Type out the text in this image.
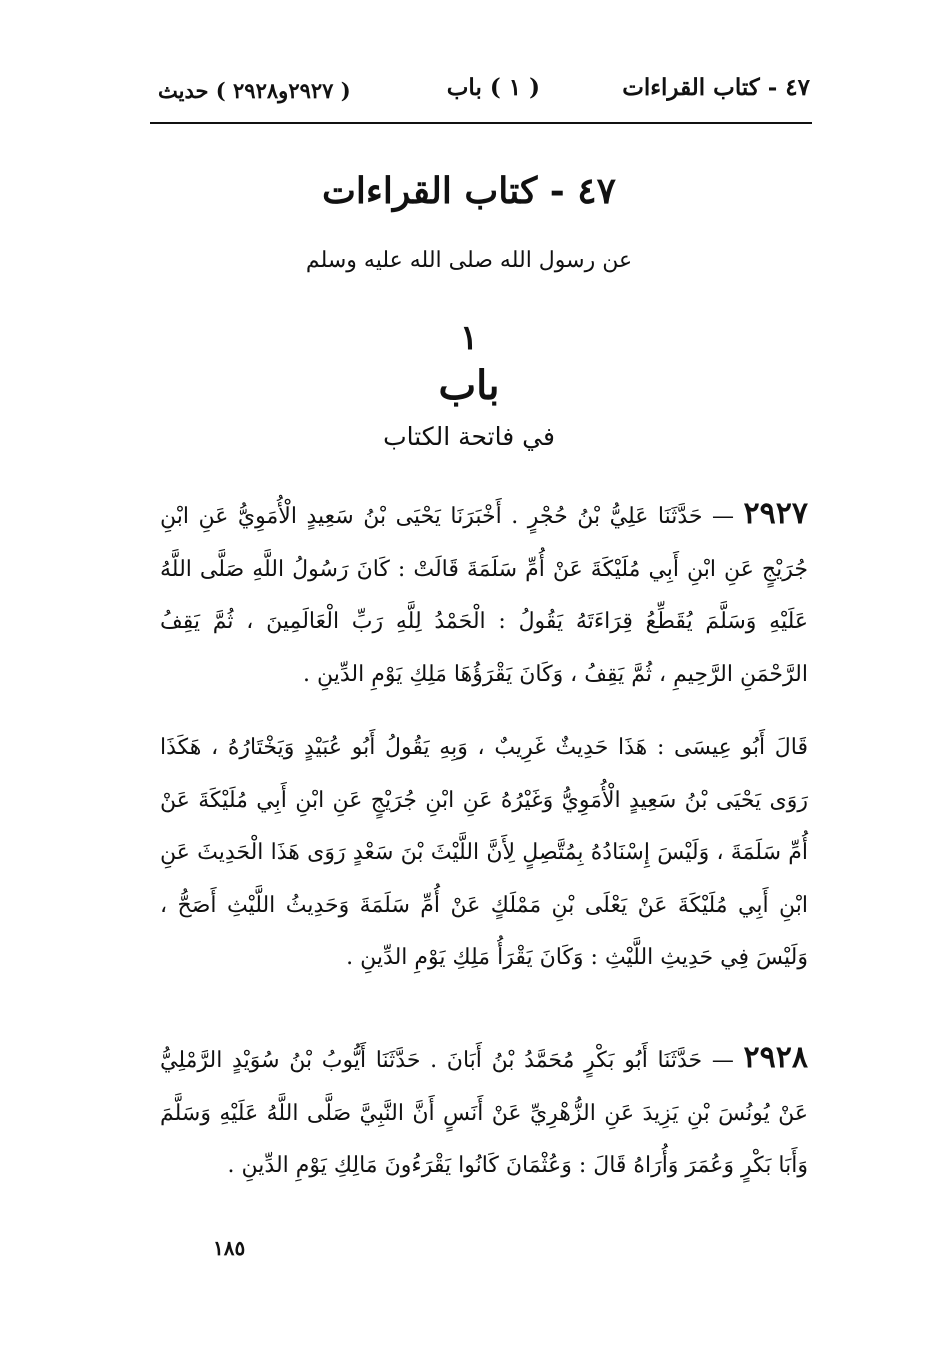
٤٧ - كتاب القراءات
( ١ ) باب
( ٢٩٢٧و٢٩٢٨ ) حديث
٤٧ - كتاب القراءات
عن رسول الله صلى الله عليه وسلم
١
باب
في فاتحة الكتاب

٢٩٢٧ — حَدَّثَنَا عَلِيُّ بْنُ حُجْرٍ . أَخْبَرَنَا يَحْيَى بْنُ سَعِيدٍ الْأُمَوِيُّ عَنِ ابْنِ جُرَيْجٍ عَنِ ابْنِ أَبِي مُلَيْكَةَ عَنْ أُمِّ سَلَمَةَ قَالَتْ : كَانَ رَسُولُ اللَّهِ صَلَّى اللَّهُ عَلَيْهِ وَسَلَّمَ يُقَطِّعُ قِرَاءَتَهُ يَقُولُ : الْحَمْدُ لِلَّهِ رَبِّ الْعَالَمِينَ ، ثُمَّ يَقِفُ الرَّحْمَنِ الرَّحِيمِ ، ثُمَّ يَقِفُ ، وَكَانَ يَقْرَؤُهَا مَلِكِ يَوْمِ الدِّينِ .

قَالَ أَبُو عِيسَى : هَذَا حَدِيثٌ غَرِيبٌ ، وَبِهِ يَقُولُ أَبُو عُبَيْدٍ وَيَخْتَارُهُ ، هَكَذَا رَوَى يَحْيَى بْنُ سَعِيدٍ الْأُمَوِيُّ وَغَيْرُهُ عَنِ ابْنِ جُرَيْجٍ عَنِ ابْنِ أَبِي مُلَيْكَةَ عَنْ أُمِّ سَلَمَةَ ، وَلَيْسَ إِسْنَادُهُ بِمُتَّصِلٍ لِأَنَّ اللَّيْثَ بْنَ سَعْدٍ رَوَى هَذَا الْحَدِيثَ عَنِ ابْنِ أَبِي مُلَيْكَةَ عَنْ يَعْلَى بْنِ مَمْلَكٍ عَنْ أُمِّ سَلَمَةَ وَحَدِيثُ اللَّيْثِ أَصَحُّ ، وَلَيْسَ فِي حَدِيثِ اللَّيْثِ : وَكَانَ يَقْرَأُ مَلِكِ يَوْمِ الدِّينِ .

٢٩٢٨ — حَدَّثَنَا أَبُو بَكْرٍ مُحَمَّدُ بْنُ أَبَانَ . حَدَّثَنَا أَيُّوبُ بْنُ سُوَيْدٍ الرَّمْلِيُّ عَنْ يُونُسَ بْنِ يَزِيدَ عَنِ الزُّهْرِيِّ عَنْ أَنَسٍ أَنَّ النَّبِيَّ صَلَّى اللَّهُ عَلَيْهِ وَسَلَّمَ وَأَبَا بَكْرٍ وَعُمَرَ وَأُرَاهُ قَالَ : وَعُثْمَانَ كَانُوا يَقْرَءُونَ مَالِكِ يَوْمِ الدِّينِ .

١٨٥
